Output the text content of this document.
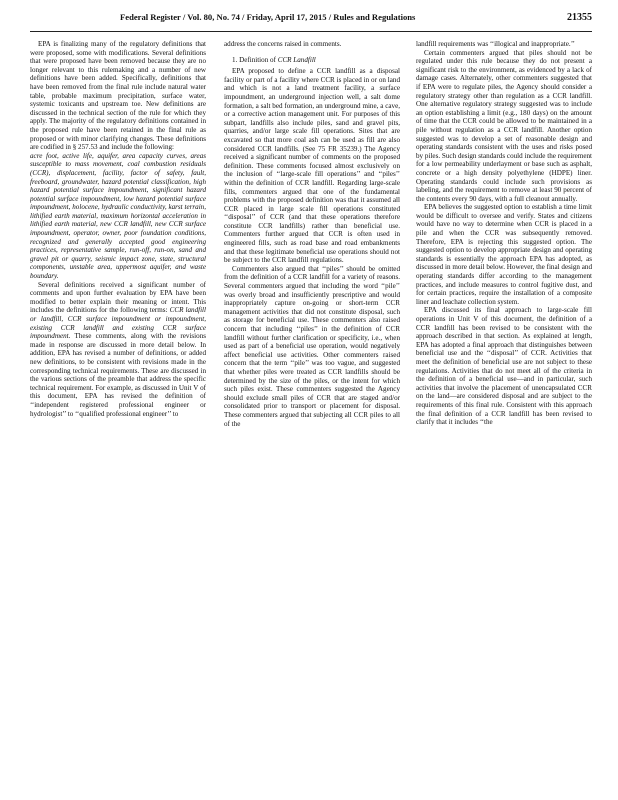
Federal Register / Vol. 80, No. 74 / Friday, April 17, 2015 / Rules and Regulations	21355

EPA is finalizing many of the regulatory definitions that were proposed, some with modifications. Several definitions that were proposed have been removed because they are no longer relevant to this rulemaking and a number of new definitions have been added. Specifically, definitions that have been removed from the final rule include natural water table, probable maximum precipitation, surface water, systemic toxicants and upstream toe. New definitions are discussed in the technical section of the rule for which they apply. The majority of the regulatory definitions contained in the proposed rule have been retained in the final rule as proposed or with minor clarifying changes. These definitions are codified in § 257.53 and include the following:

acre foot, active life, aquifer, area capacity curves, areas susceptible to mass movement, coal combustion residuals (CCR), displacement, facility, factor of safety, fault, freeboard, groundwater, hazard potential classification, high hazard potential surface impoundment, significant hazard potential surface impoundment, low hazard potential surface impoundment, holocene, hydraulic conductivity, karst terrain, lithified earth material, maximum horizontal acceleration in lithified earth material, new CCR landfill, new CCR surface impoundment, operator, owner, poor foundation conditions, recognized and generally accepted good engineering practices, representative sample, run-off, run-on, sand and gravel pit or quarry, seismic impact zone, state, structural components, unstable area, uppermost aquifer, and waste boundary.

Several definitions received a significant number of comments and upon further evaluation by EPA have been modified to better explain their meaning or intent. This includes the definitions for the following terms: CCR landfill or landfill, CCR surface impoundment or impoundment, existing CCR landfill and existing CCR surface impoundment. These comments, along with the revisions made in response are discussed in more detail below. In addition, EPA has revised a number of definitions, or added new definitions, to be consistent with revisions made in the corresponding technical requirements. These are discussed in the various sections of the preamble that address the specific technical requirement. For example, as discussed in Unit V of this document, EPA has revised the definition of ‘‘independent registered professional engineer or hydrologist’’ to ‘‘qualified professional engineer’’ to

address the concerns raised in comments.

1. Definition of CCR Landfill

EPA proposed to define a CCR landfill as a disposal facility or part of a facility where CCR is placed in or on land and which is not a land treatment facility, a surface impoundment, an underground injection well, a salt dome formation, a salt bed formation, an underground mine, a cave, or a corrective action management unit. For purposes of this subpart, landfills also include piles, sand and gravel pits, quarries, and/or large scale fill operations. Sites that are excavated so that more coal ash can be used as fill are also considered CCR landfills. (See 75 FR 35239.) The Agency received a significant number of comments on the proposed definition. These comments focused almost exclusively on the inclusion of ‘‘large-scale fill operations’’ and ‘‘piles’’ within the definition of CCR landfill. Regarding large-scale fills, commenters argued that one of the fundamental problems with the proposed definition was that it assumed all CCR placed in large scale fill operations constituted ‘‘disposal’’ of CCR (and that these operations therefore constitute CCR landfills) rather than beneficial use. Commenters further argued that CCR is often used in engineered fills, such as road base and road embankments and that these legitimate beneficial use operations should not be subject to the CCR landfill regulations.

Commenters also argued that ‘‘piles’’ should be omitted from the definition of a CCR landfill for a variety of reasons. Several commenters argued that including the word ‘‘pile’’ was overly broad and insufficiently prescriptive and would inappropriately capture on-going or short-term CCR management activities that did not constitute disposal, such as storage for beneficial use. These commenters also raised concern that including ‘‘piles’’ in the definition of CCR landfill without further clarification or specificity, i.e., when used as part of a beneficial use operation, would negatively affect beneficial use activities. Other commenters raised concern that the term ‘‘pile’’ was too vague, and suggested that whether piles were treated as CCR landfills should be determined by the size of the piles, or the intent for which such piles exist. These commenters suggested the Agency should exclude small piles of CCR that are staged and/or consolidated prior to transport or placement for disposal. These commenters argued that subjecting all CCR piles to all of the

landfill requirements was ‘‘illogical and inappropriate.’’

Certain commenters argued that piles should not be regulated under this rule because they do not present a significant risk to the environment, as evidenced by a lack of damage cases. Alternately, other commenters suggested that if EPA were to regulate piles, the Agency should consider a regulatory strategy other than regulation as a CCR landfill. One alternative regulatory strategy suggested was to include an option establishing a limit (e.g., 180 days) on the amount of time that the CCR could be allowed to be maintained in a pile without regulation as a CCR landfill. Another option suggested was to develop a set of reasonable design and operating standards consistent with the uses and risks posed by piles. Such design standards could include the requirement for a low permeability underlayment or base such as asphalt, concrete or a high density polyethylene (HDPE) liner. Operating standards could include such provisions as labeling, and the requirement to remove at least 90 percent of the contents every 90 days, with a full cleanout annually.

EPA believes the suggested option to establish a time limit would be difficult to oversee and verify. States and citizens would have no way to determine when CCR is placed in a pile and when the CCR was subsequently removed. Therefore, EPA is rejecting this suggested option. The suggested option to develop appropriate design and operating standards is essentially the approach EPA has adopted, as discussed in more detail below. However, the final design and operating standards differ according to the management practices, and include measures to control fugitive dust, and for certain practices, require the installation of a composite liner and leachate collection system.

EPA discussed its final approach to large-scale fill operations in Unit V of this document, the definition of a CCR landfill has been revised to be consistent with the approach described in that section. As explained at length, EPA has adopted a final approach that distinguishes between beneficial use and the ‘‘disposal’’ of CCR. Activities that meet the definition of beneficial use are not subject to these regulations. Activities that do not meet all of the criteria in the definition of a beneficial use—and in particular, such activities that involve the placement of unencapsulated CCR on the land—are considered disposal and are subject to the requirements of this final rule. Consistent with this approach the final definition of a CCR landfill has been revised to clarify that it includes ‘‘the
